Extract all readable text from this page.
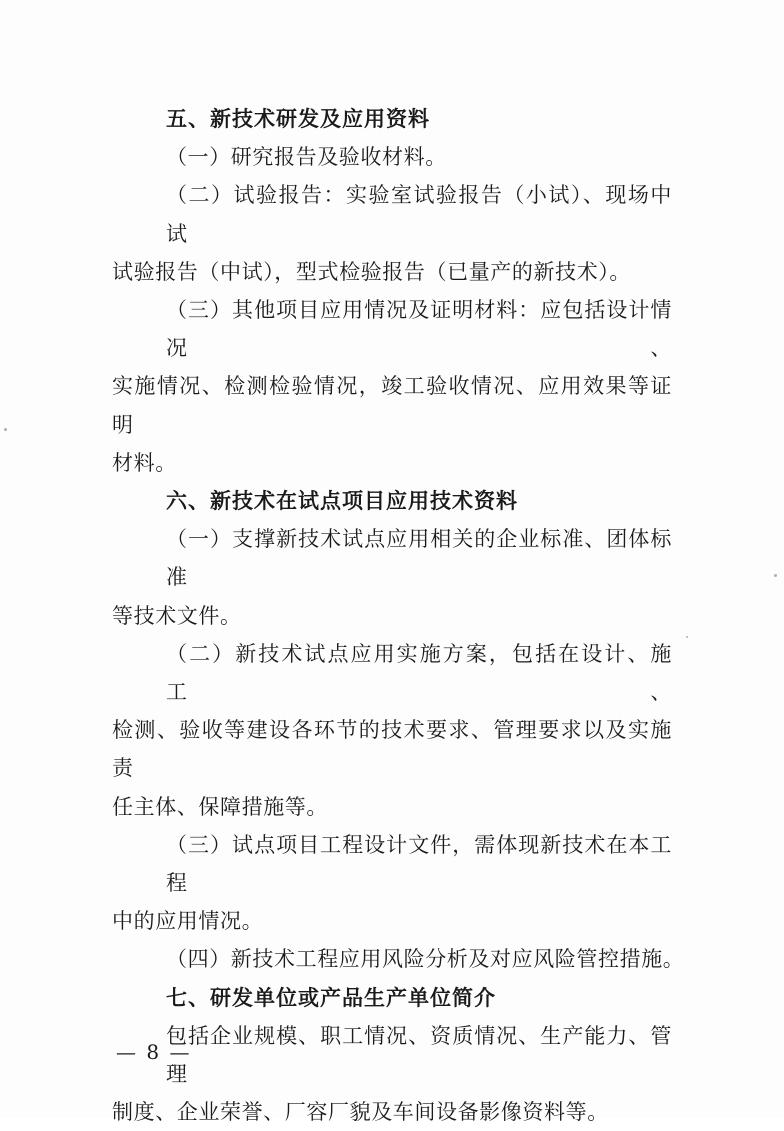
五、新技术研发及应用资料
（一）研究报告及验收材料。
（二）试验报告：实验室试验报告（小试）、现场中试
试验报告（中试），型式检验报告（已量产的新技术）。
（三）其他项目应用情况及证明材料：应包括设计情况、
实施情况、检测检验情况，竣工验收情况、应用效果等证明
材料。
六、新技术在试点项目应用技术资料
（一）支撑新技术试点应用相关的企业标准、团体标准
等技术文件。
（二）新技术试点应用实施方案，包括在设计、施工、
检测、验收等建设各环节的技术要求、管理要求以及实施责
任主体、保障措施等。
（三）试点项目工程设计文件，需体现新技术在本工程
中的应用情况。
（四）新技术工程应用风险分析及对应风险管控措施。
七、研发单位或产品生产单位简介
包括企业规模、职工情况、资质情况、生产能力、管理
制度、企业荣誉、厂容厂貌及车间设备影像资料等。
— 8 —
